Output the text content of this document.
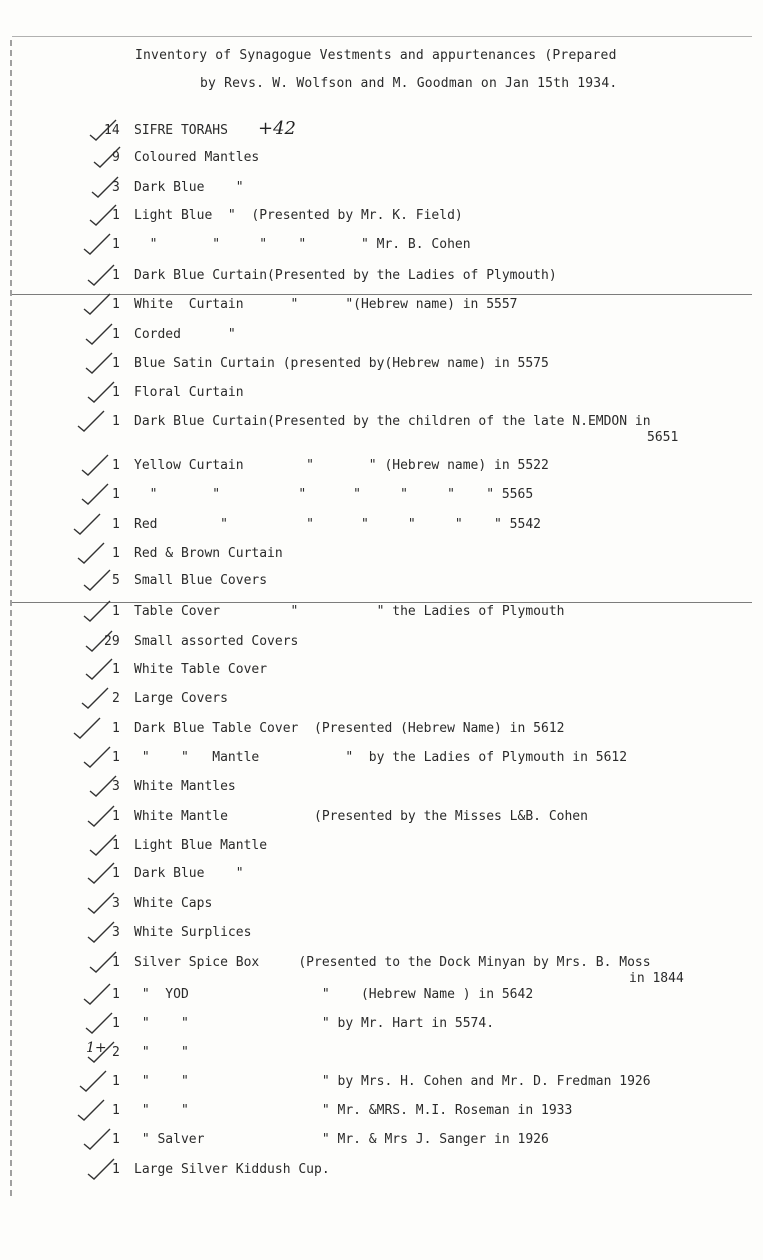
Inventory of Synagogue Vestments and appurtenances (Prepared
by Revs. W. Wolfson and M. Goodman on Jan 15th 1934.
+42
1+
14 SIFRE TORAHS
9 Coloured Mantles
3 Dark Blue    "
1 Light Blue  "  (Presented by Mr. K. Field)
1 "       "     "    "       " Mr. B. Cohen
1 Dark Blue Curtain(Presented by the Ladies of Plymouth)
1 White  Curtain      "      "(Hebrew name) in 5557
1 Corded      "
1 Blue Satin Curtain (presented by(Hebrew name) in 5575
1 Floral Curtain
1 Dark Blue Curtain(Presented by the children of the late N.EMDON in
5651
1 Yellow Curtain        "       " (Hebrew name) in 5522
1 "       "          "      "     "     "    " 5565
1 Red        "          "      "     "     "    " 5542
1 Red & Brown Curtain
5 Small Blue Covers
1 Table Cover         "          " the Ladies of Plymouth
29 Small assorted Covers
1 White Table Cover
2 Large Covers
1 Dark Blue Table Cover  (Presented (Hebrew Name) in 5612
1 "    "   Mantle           "  by the Ladies of Plymouth in 5612
3 White Mantles
1 White Mantle           (Presented by the Misses L&B. Cohen
1 Light Blue Mantle
1 Dark Blue    "
3 White Caps
3 White Surplices
1 Silver Spice Box     (Presented to the Dock Minyan by Mrs. B. Moss
in 1844
1 "  YOD                 "    (Hebrew Name ) in 5642
1 "    "                 " by Mr. Hart in 5574.
2 "    "
1 "    "                 " by Mrs. H. Cohen and Mr. D. Fredman 1926
1 "    "                 " Mr. &MRS. M.I. Roseman in 1933
1 " Salver               " Mr. & Mrs J. Sanger in 1926
1 Large Silver Kiddush Cup.
